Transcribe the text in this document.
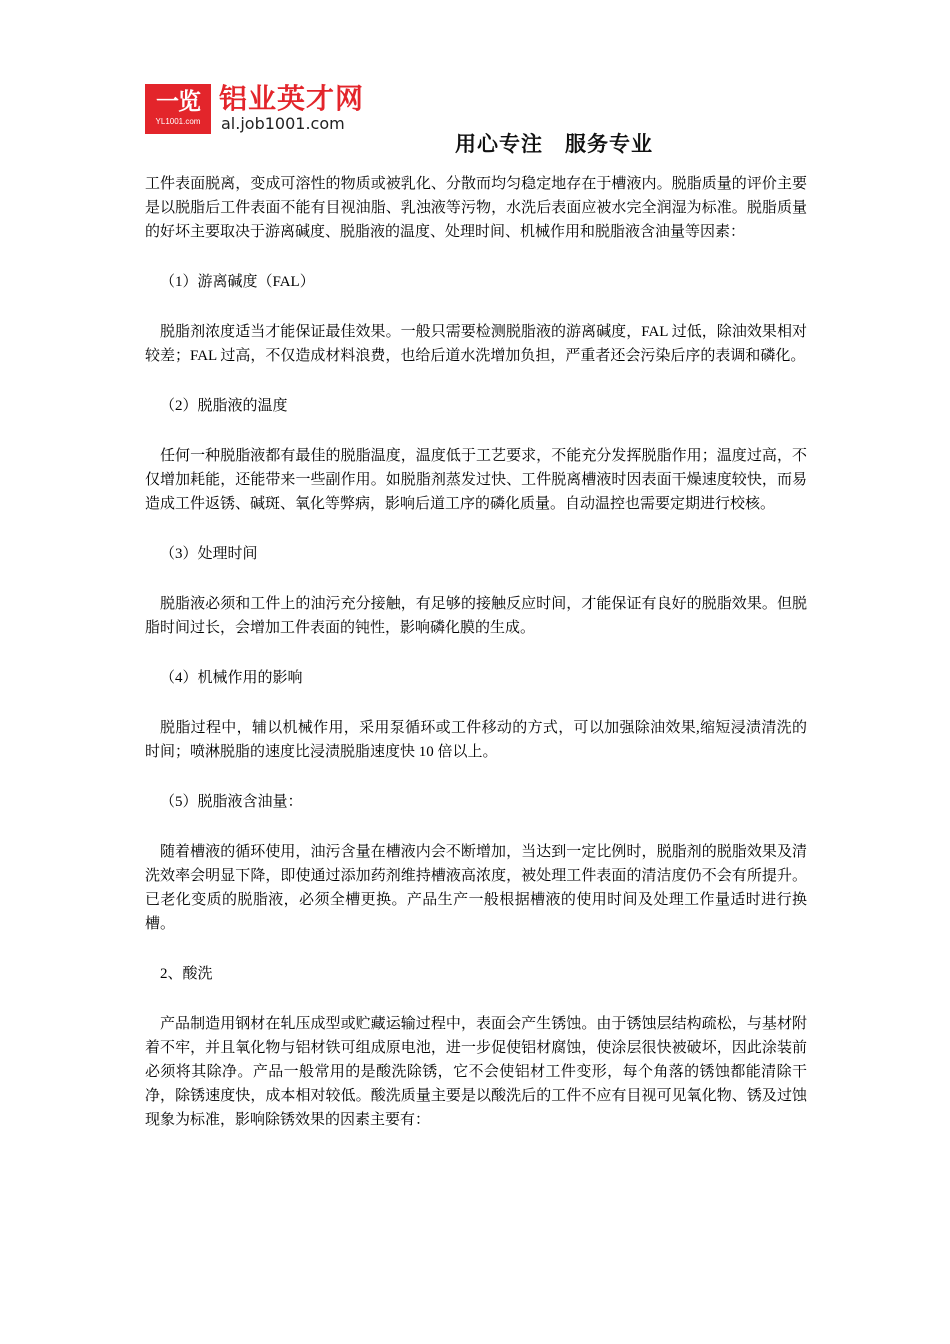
一览
YL1001.com
铝业英才网
al.job1001.com
用心专注　服务专业

工件表面脱离，变成可溶性的物质或被乳化、分散而均匀稳定地存在于槽液内。脱脂质量的评价主要是以脱脂后工件表面不能有目视油脂、乳浊液等污物，水洗后表面应被水完全润湿为标准。脱脂质量的好坏主要取决于游离碱度、脱脂液的温度、处理时间、机械作用和脱脂液含油量等因素：

（1）游离碱度（FAL）

脱脂剂浓度适当才能保证最佳效果。一般只需要检测脱脂液的游离碱度，FAL 过低，除油效果相对较差；FAL 过高，不仅造成材料浪费，也给后道水洗增加负担，严重者还会污染后序的表调和磷化。

（2）脱脂液的温度

任何一种脱脂液都有最佳的脱脂温度，温度低于工艺要求，不能充分发挥脱脂作用；温度过高，不仅增加耗能，还能带来一些副作用。如脱脂剂蒸发过快、工件脱离槽液时因表面干燥速度较快，而易造成工件返锈、碱斑、氧化等弊病，影响后道工序的磷化质量。自动温控也需要定期进行校核。

（3）处理时间

脱脂液必须和工件上的油污充分接触，有足够的接触反应时间，才能保证有良好的脱脂效果。但脱脂时间过长，会增加工件表面的钝性，影响磷化膜的生成。

（4）机械作用的影响

脱脂过程中，辅以机械作用，采用泵循环或工件移动的方式，可以加强除油效果,缩短浸渍清洗的时间；喷淋脱脂的速度比浸渍脱脂速度快 10 倍以上。

（5）脱脂液含油量：

随着槽液的循环使用，油污含量在槽液内会不断增加，当达到一定比例时，脱脂剂的脱脂效果及清洗效率会明显下降，即使通过添加药剂维持槽液高浓度，被处理工件表面的清洁度仍不会有所提升。已老化变质的脱脂液，必须全槽更换。产品生产一般根据槽液的使用时间及处理工作量适时进行换槽。

2、酸洗

产品制造用钢材在轧压成型或贮藏运输过程中，表面会产生锈蚀。由于锈蚀层结构疏松，与基材附着不牢，并且氧化物与铝材铁可组成原电池，进一步促使铝材腐蚀，使涂层很快被破坏，因此涂装前必须将其除净。产品一般常用的是酸洗除锈，它不会使铝材工件变形，每个角落的锈蚀都能清除干净，除锈速度快，成本相对较低。酸洗质量主要是以酸洗后的工件不应有目视可见氧化物、锈及过蚀现象为标准，影响除锈效果的因素主要有：
